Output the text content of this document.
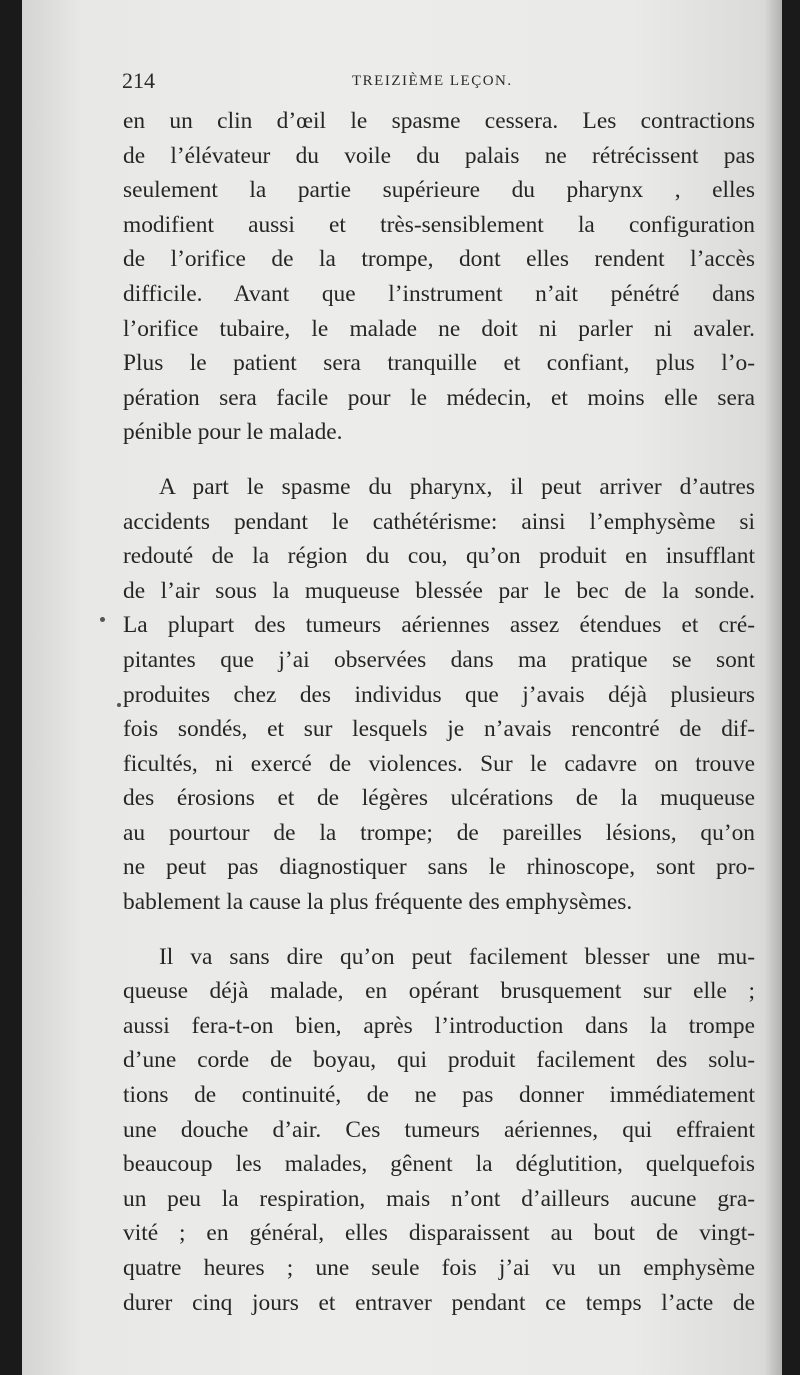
214	TREIZIÈME LEÇON.

en un clin d’œil le spasme cessera. Les contractions
de l’élévateur du voile du palais ne rétrécissent pas
seulement la partie supérieure du pharynx , elles
modifient aussi et très-sensiblement la configuration
de l’orifice de la trompe, dont elles rendent l’accès
difficile. Avant que l’instrument n’ait pénétré dans
l’orifice tubaire, le malade ne doit ni parler ni avaler.
Plus le patient sera tranquille et confiant, plus l’o-
pération sera facile pour le médecin, et moins elle sera
pénible pour le malade.

A part le spasme du pharynx, il peut arriver d’autres
accidents pendant le cathétérisme: ainsi l’emphysème si
redouté de la région du cou, qu’on produit en insufflant
de l’air sous la muqueuse blessée par le bec de la sonde.
La plupart des tumeurs aériennes assez étendues et cré-
pitantes que j’ai observées dans ma pratique se sont
produites chez des individus que j’avais déjà plusieurs
fois sondés, et sur lesquels je n’avais rencontré de dif-
ficultés, ni exercé de violences. Sur le cadavre on trouve
des érosions et de légères ulcérations de la muqueuse
au pourtour de la trompe; de pareilles lésions, qu’on
ne peut pas diagnostiquer sans le rhinoscope, sont pro-
bablement la cause la plus fréquente des emphysèmes.

Il va sans dire qu’on peut facilement blesser une mu-
queuse déjà malade, en opérant brusquement sur elle ;
aussi fera-t-on bien, après l’introduction dans la trompe
d’une corde de boyau, qui produit facilement des solu-
tions de continuité, de ne pas donner immédiatement
une douche d’air. Ces tumeurs aériennes, qui effraient
beaucoup les malades, gênent la déglutition, quelquefois
un peu la respiration, mais n’ont d’ailleurs aucune gra-
vité ; en général, elles disparaissent au bout de vingt-
quatre heures ; une seule fois j’ai vu un emphysème
durer cinq jours et entraver pendant ce temps l’acte de
